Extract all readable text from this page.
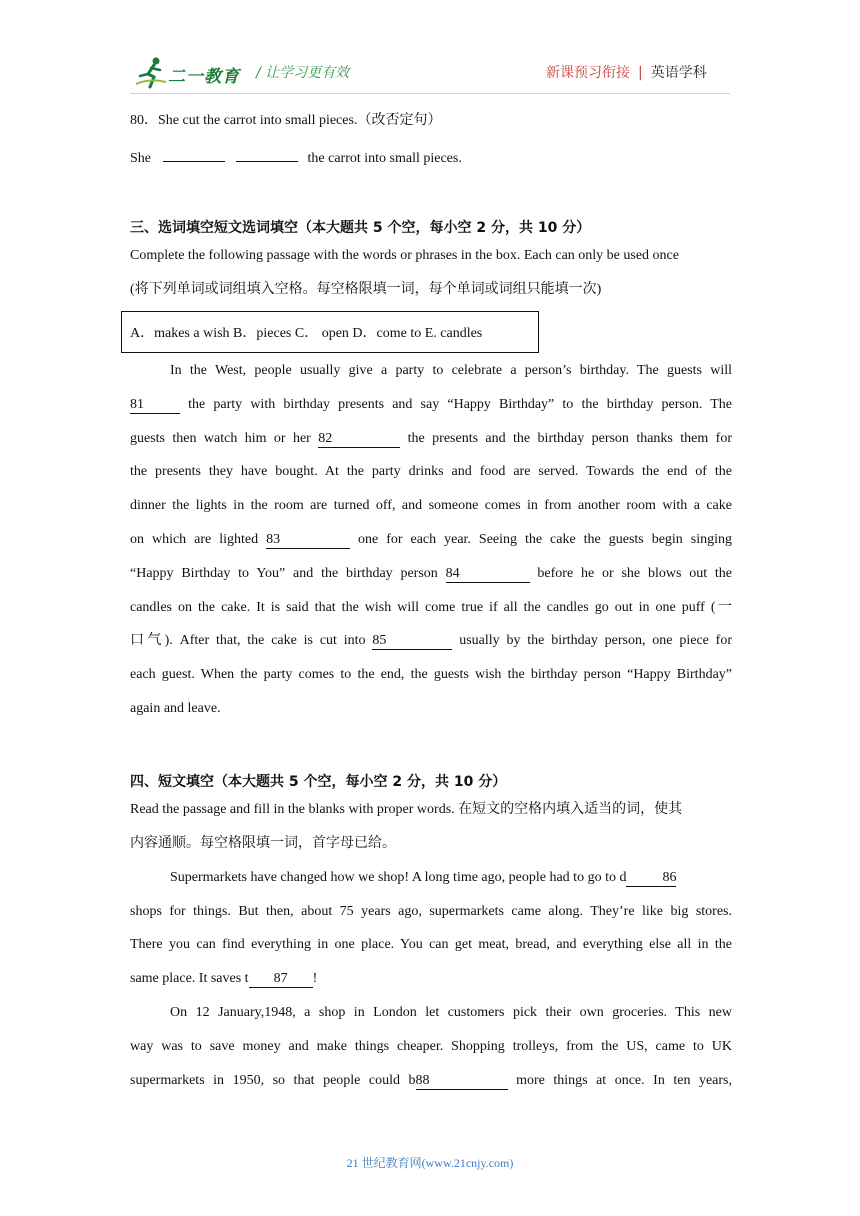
二一教育 / 让学习更有效	新课预习衔接 | 英语学科
80．She cut the carrot into small pieces.（改否定句）
She	the carrot into small pieces.
三、选词填空短文选词填空（本大题共 5 个空，每小空 2 分，共 10 分）
Complete the following passage with the words or phrases in the box. Each can only be used once
(将下列单词或词组填入空格。每空格限填一词，每个单词或词组只能填一次)
A．makes a wish B．pieces C． open D．come to E. candles
In the West, people usually give a party to celebrate a person’s birthday. The guests will
81	the party with birthday presents and say “Happy Birthday” to the birthday person. The
guests then watch him or her 82	the presents and the birthday person thanks them for
the presents they have bought. At the party drinks and food are served. Towards the end of the
dinner the lights in the room are turned off, and someone comes in from another room with a cake
on which are lighted 83	one for each year. Seeing the cake the guests begin singing
“Happy Birthday to You” and the birthday person 84	before he or she blows out the
candles on the cake. It is said that the wish will come true if all the candles go out in one puff (一
口气). After that, the cake is cut into 85	usually by the birthday person, one piece for
each guest. When the party comes to the end, the guests wish the birthday person “Happy Birthday”
again and leave.
四、短文填空（本大题共 5 个空，每小空 2 分，共 10 分）
Read the passage and fill in the blanks with proper words. 在短文的空格内填入适当的词，使其
内容通顺。每空格限填一词，首字母已给。
Supermarkets have changed how we shop! A long time ago, people had to go to d	86
shops for things. But then, about 75 years ago, supermarkets came along. They’re like big stores.
There you can find everything in one place. You can get meat, bread, and everything else all in the
same place. It saves t 87 !
On 12 January,1948, a shop in London let customers pick their own groceries. This new
way was to save money and make things cheaper. Shopping trolleys, from the US, came to UK
supermarkets in 1950, so that people could b88	more things at once. In ten years,
21 世纪教育网(www.21cnjy.com)
